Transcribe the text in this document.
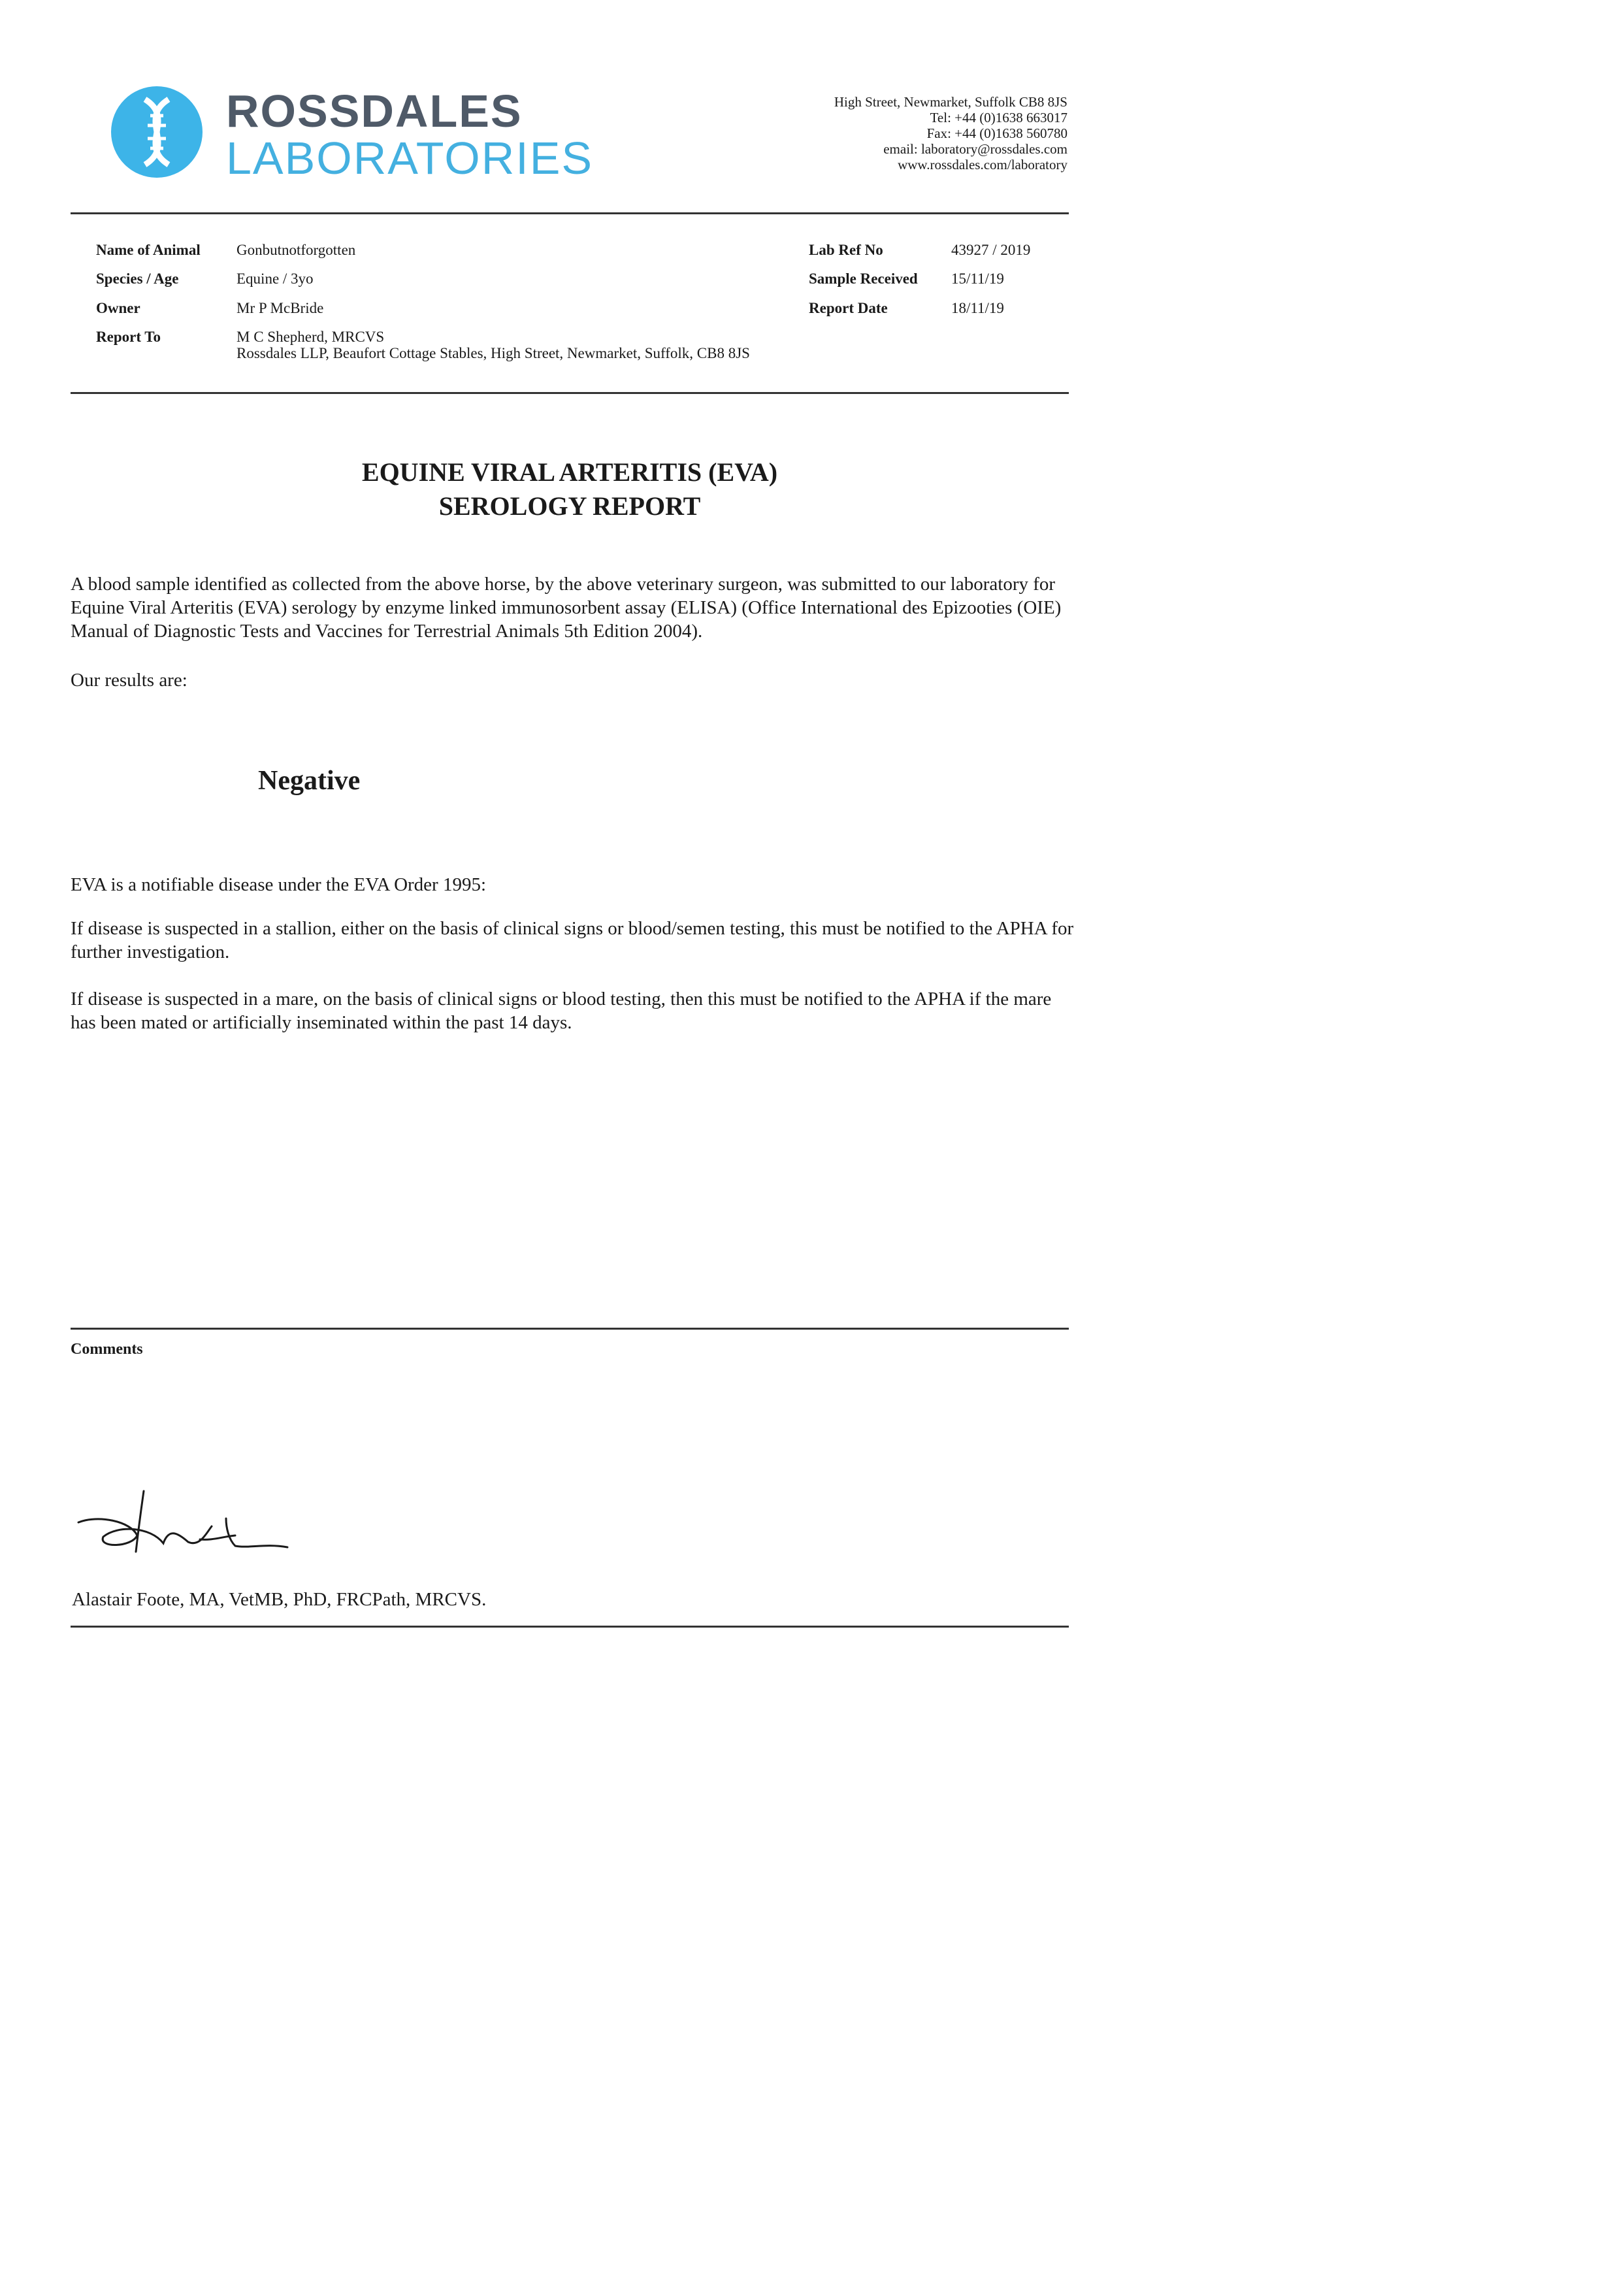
ROSSDALES
LABORATORIES
High Street, Newmarket, Suffolk CB8 8JS
Tel: +44 (0)1638 663017
Fax: +44 (0)1638 560780
email: laboratory@rossdales.com
www.rossdales.com/laboratory
Name of Animal Gonbutnotforgotten
Species / Age	Equine / 3yo
Owner	Mr P McBride
Report To	M C Shepherd, MRCVS
Rossdales LLP, Beaufort Cottage Stables, High Street, Newmarket, Suffolk, CB8 8JS
Lab Ref No	43927 / 2019
Sample Received 15/11/19
Report Date	18/11/19
EQUINE VIRAL ARTERITIS (EVA)
SEROLOGY REPORT

A blood sample identified as collected from the above horse, by the above veterinary surgeon, was submitted to our laboratory for Equine Viral Arteritis (EVA) serology by enzyme linked immunosorbent assay (ELISA) (Office International des Epizooties (OIE) Manual of Diagnostic Tests and Vaccines for Terrestrial Animals 5th Edition 2004).

Our results are:
Negative
EVA is a notifiable disease under the EVA Order 1995:
If disease is suspected in a stallion, either on the basis of clinical signs or blood/semen testing, this must be notified to the APHA for further investigation.
If disease is suspected in a mare, on the basis of clinical signs or blood testing, then this must be notified to the APHA if the mare has been mated or artificially inseminated within the past 14 days.
Comments
Alastair Foote, MA, VetMB, PhD, FRCPath, MRCVS.
